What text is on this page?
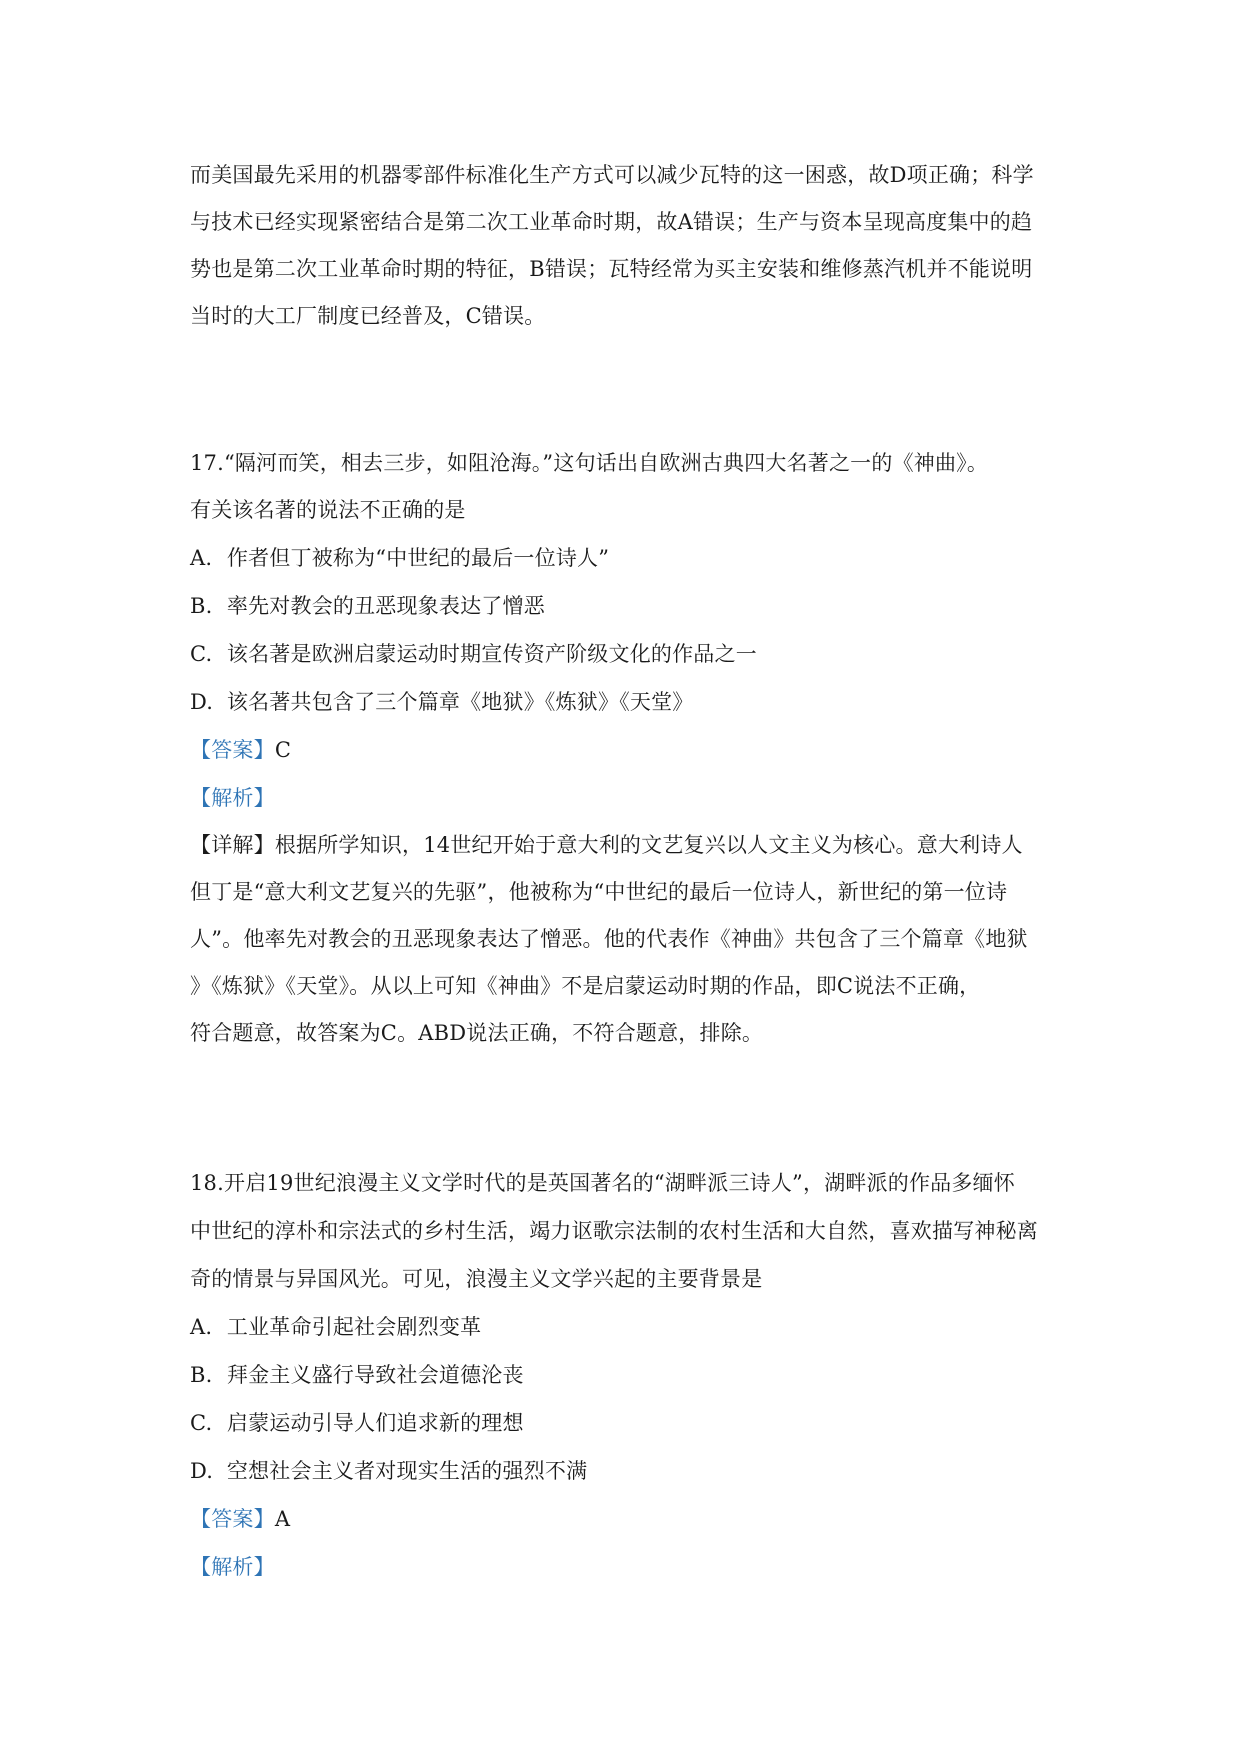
而美国最先采用的机器零部件标准化生产方式可以减少瓦特的这一困惑，故D项正确；科学
与技术已经实现紧密结合是第二次工业革命时期，故A错误；生产与资本呈现高度集中的趋
势也是第二次工业革命时期的特征，B错误；瓦特经常为买主安装和维修蒸汽机并不能说明
当时的大工厂制度已经普及，C错误。
17.“隔河而笑，相去三步，如阻沧海。”这句话出自欧洲古典四大名著之一的《神曲》。
有关该名著的说法不正确的是
A. 作者但丁被称为“中世纪的最后一位诗人”
B. 率先对教会的丑恶现象表达了憎恶
C. 该名著是欧洲启蒙运动时期宣传资产阶级文化的作品之一
D. 该名著共包含了三个篇章《地狱》《炼狱》《天堂》
【答案】C
【解析】
【详解】根据所学知识，14世纪开始于意大利的文艺复兴以人文主义为核心。意大利诗人
但丁是“意大利文艺复兴的先驱”，他被称为“中世纪的最后一位诗人，新世纪的第一位诗
人”。他率先对教会的丑恶现象表达了憎恶。他的代表作《神曲》共包含了三个篇章《地狱
》《炼狱》《天堂》。从以上可知《神曲》不是启蒙运动时期的作品，即C说法不正确，
符合题意，故答案为C。ABD说法正确，不符合题意，排除。
18.开启19世纪浪漫主义文学时代的是英国著名的“湖畔派三诗人”，湖畔派的作品多缅怀
中世纪的淳朴和宗法式的乡村生活，竭力讴歌宗法制的农村生活和大自然，喜欢描写神秘离
奇的情景与异国风光。可见，浪漫主义文学兴起的主要背景是
A. 工业革命引起社会剧烈变革
B. 拜金主义盛行导致社会道德沦丧
C. 启蒙运动引导人们追求新的理想
D. 空想社会主义者对现实生活的强烈不满
【答案】A
【解析】
